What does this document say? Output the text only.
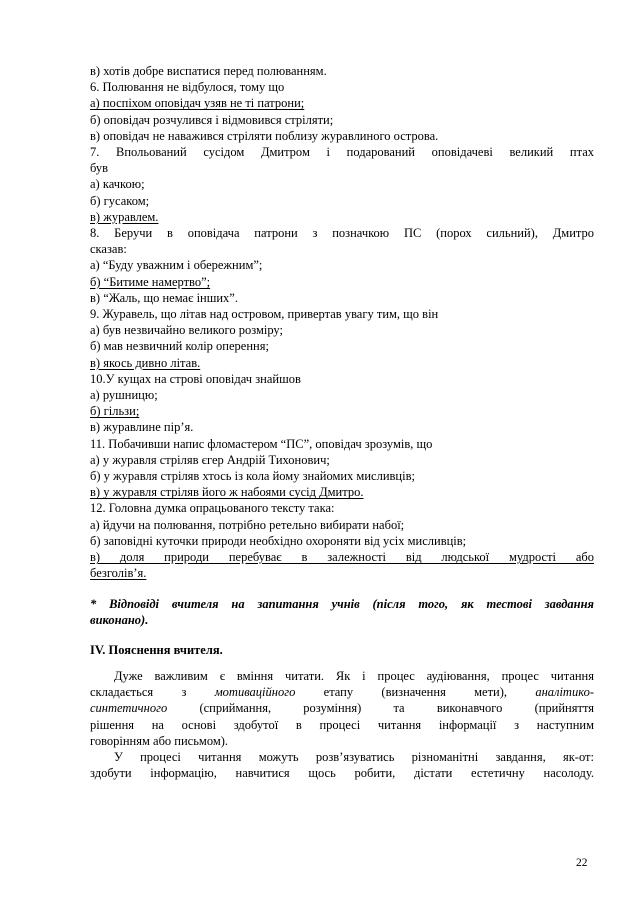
в) хотів добре виспатися перед полюванням.
6. Полювання не відбулося, тому що
а) поспіхом оповідач узяв не ті патрони;
б) оповідач розчулився і відмовився стріляти;
в) оповідач не наважився стріляти поблизу журавлиного острова.
7. Впольований сусідом Дмитром і подарований оповідачеві великий птах
був
а) качкою;
б) гусаком;
в) журавлем.
8. Беручи в оповідача патрони з позначкою ПС (порох сильний), Дмитро
сказав:
а) “Буду уважним і обережним”;
б) “Битиме намертво”;
в) “Жаль, що немає інших”.
9. Журавель, що літав над островом, привертав увагу тим, що він
а) був незвичайно великого розміру;
б) мав незвичний колір оперення;
в) якось дивно літав.
10.У кущах на строві оповідач знайшов
а) рушницю;
б) гільзи;
в) журавлине пір’я.
11. Побачивши напис фломастером “ПС”, оповідач зрозумів, що
а) у журавля стріляв єгер Андрій Тихонович;
б) у журавля стріляв хтось із кола йому знайомих мисливців;
в) у журавля стріляв його ж набоями сусід Дмитро.
12. Головна думка опрацьованого тексту така:
а) йдучи на полювання, потрібно ретельно вибирати набої;
б) заповідні куточки природи необхідно охороняти від усіх мисливців;
в) доля природи перебуває в залежності від людської мудрості або
безголів’я.
* Відповіді вчителя на запитання учнів (після того, як тестові завдання
виконано).
IV. Пояснення вчителя.
Дуже важливим є вміння читати. Як і процес аудіювання, процес читання
складається з мотиваційного етапу (визначення мети), аналітико-
синтетичного (сприймання, розуміння) та виконавчого (прийняття
рішення на основі здобутої в процесі читання інформації з наступним
говорінням або письмом).
У процесі читання можуть розв’язуватись різноманітні завдання, як-от:
здобути інформацію, навчитися щось робити, дістати естетичну насолоду.
22
